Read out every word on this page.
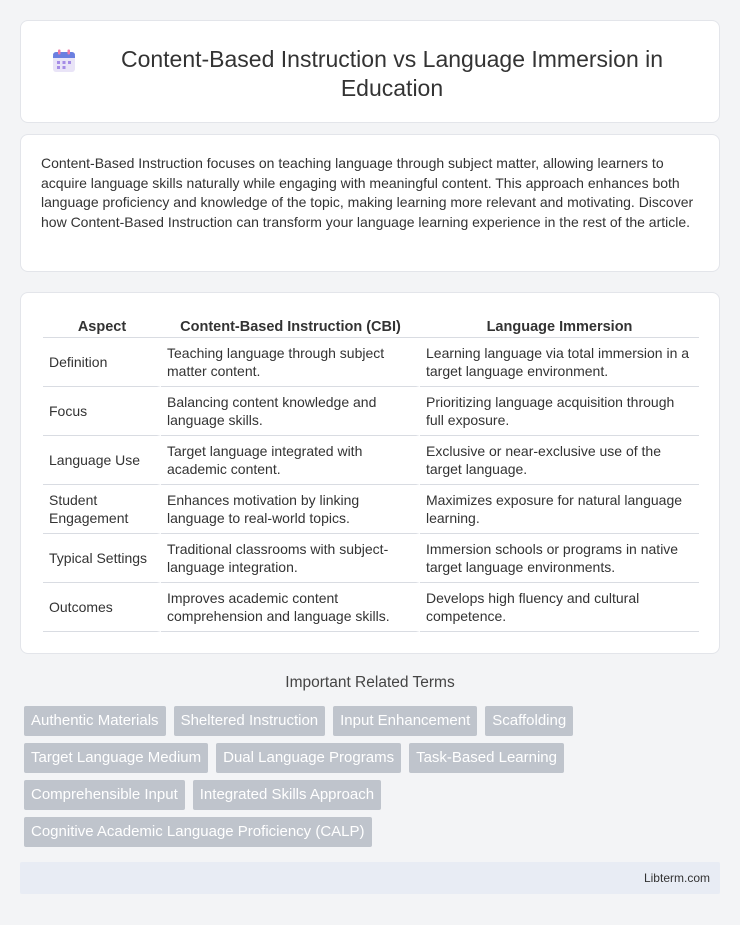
Content-Based Instruction vs Language Immersion in Education

Content-Based Instruction focuses on teaching language through subject matter, allowing learners to acquire language skills naturally while engaging with meaningful content. This approach enhances both language proficiency and knowledge of the topic, making learning more relevant and motivating. Discover how Content-Based Instruction can transform your language learning experience in the rest of the article.

Aspect	Content-Based Instruction (CBI)	Language Immersion
Definition	Teaching language through subject matter content.	Learning language via total immersion in a target language environment.
Focus	Balancing content knowledge and language skills.	Prioritizing language acquisition through full exposure.
Language Use	Target language integrated with academic content.	Exclusive or near-exclusive use of the target language.
Student Engagement	Enhances motivation by linking language to real-world topics.	Maximizes exposure for natural language learning.
Typical Settings	Traditional classrooms with subject-language integration.	Immersion schools or programs in native target language environments.
Outcomes	Improves academic content comprehension and language skills.	Develops high fluency and cultural competence.
Important Related Terms
Authentic Materials	Sheltered Instruction	Input Enhancement	Scaffolding
Target Language Medium	Dual Language Programs	Task-Based Learning
Comprehensible Input	Integrated Skills Approach
Cognitive Academic Language Proficiency (CALP)
Libterm.com
